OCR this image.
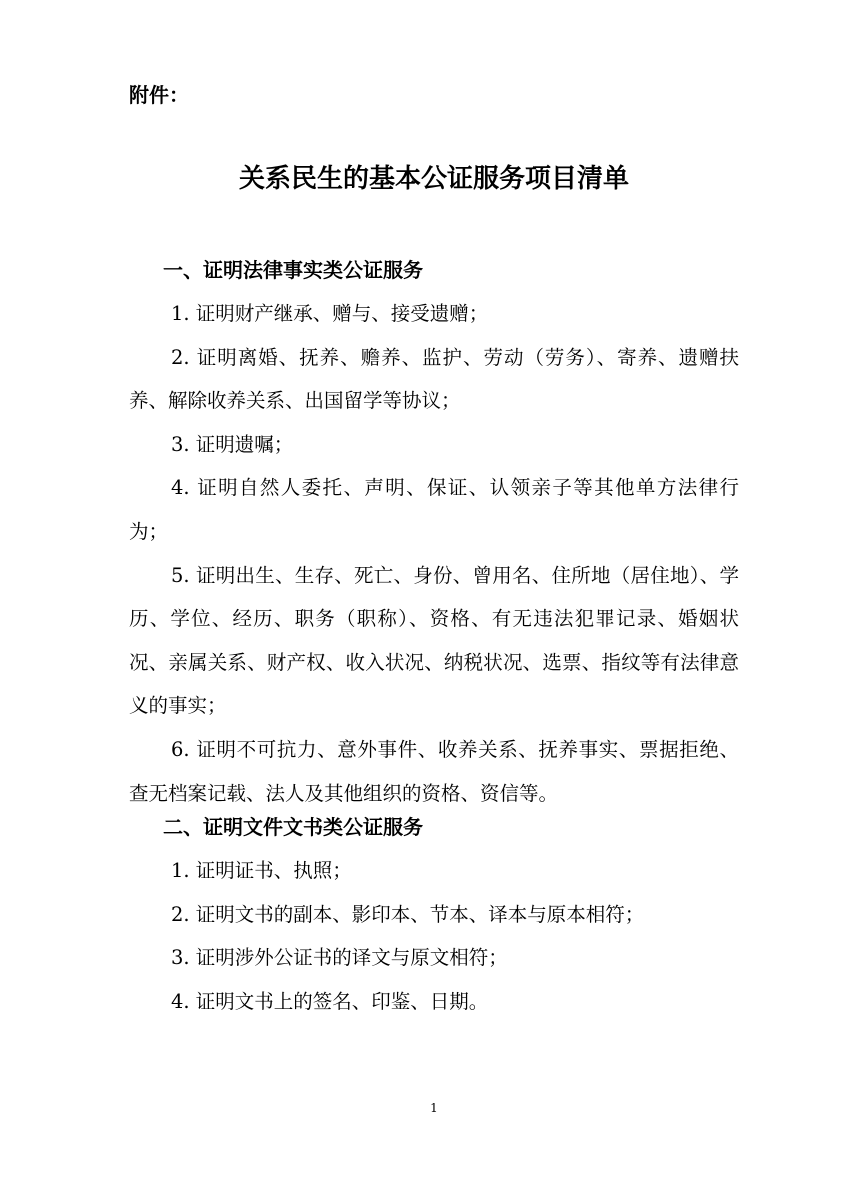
附件：

关系民生的基本公证服务项目清单

一、证明法律事实类公证服务

1. 证明财产继承、赠与、接受遗赠；

2. 证明离婚、抚养、赡养、监护、劳动（劳务）、寄养、遗赠扶养、解除收养关系、出国留学等协议；

3. 证明遗嘱；

4. 证明自然人委托、声明、保证、认领亲子等其他单方法律行为；

5. 证明出生、生存、死亡、身份、曾用名、住所地（居住地）、学历、学位、经历、职务（职称）、资格、有无违法犯罪记录、婚姻状况、亲属关系、财产权、收入状况、纳税状况、选票、指纹等有法律意义的事实；

6. 证明不可抗力、意外事件、收养关系、抚养事实、票据拒绝、查无档案记载、法人及其他组织的资格、资信等。

二、证明文件文书类公证服务

1. 证明证书、执照；

2. 证明文书的副本、影印本、节本、译本与原本相符；

3. 证明涉外公证书的译文与原文相符；

4. 证明文书上的签名、印鉴、日期。

1
